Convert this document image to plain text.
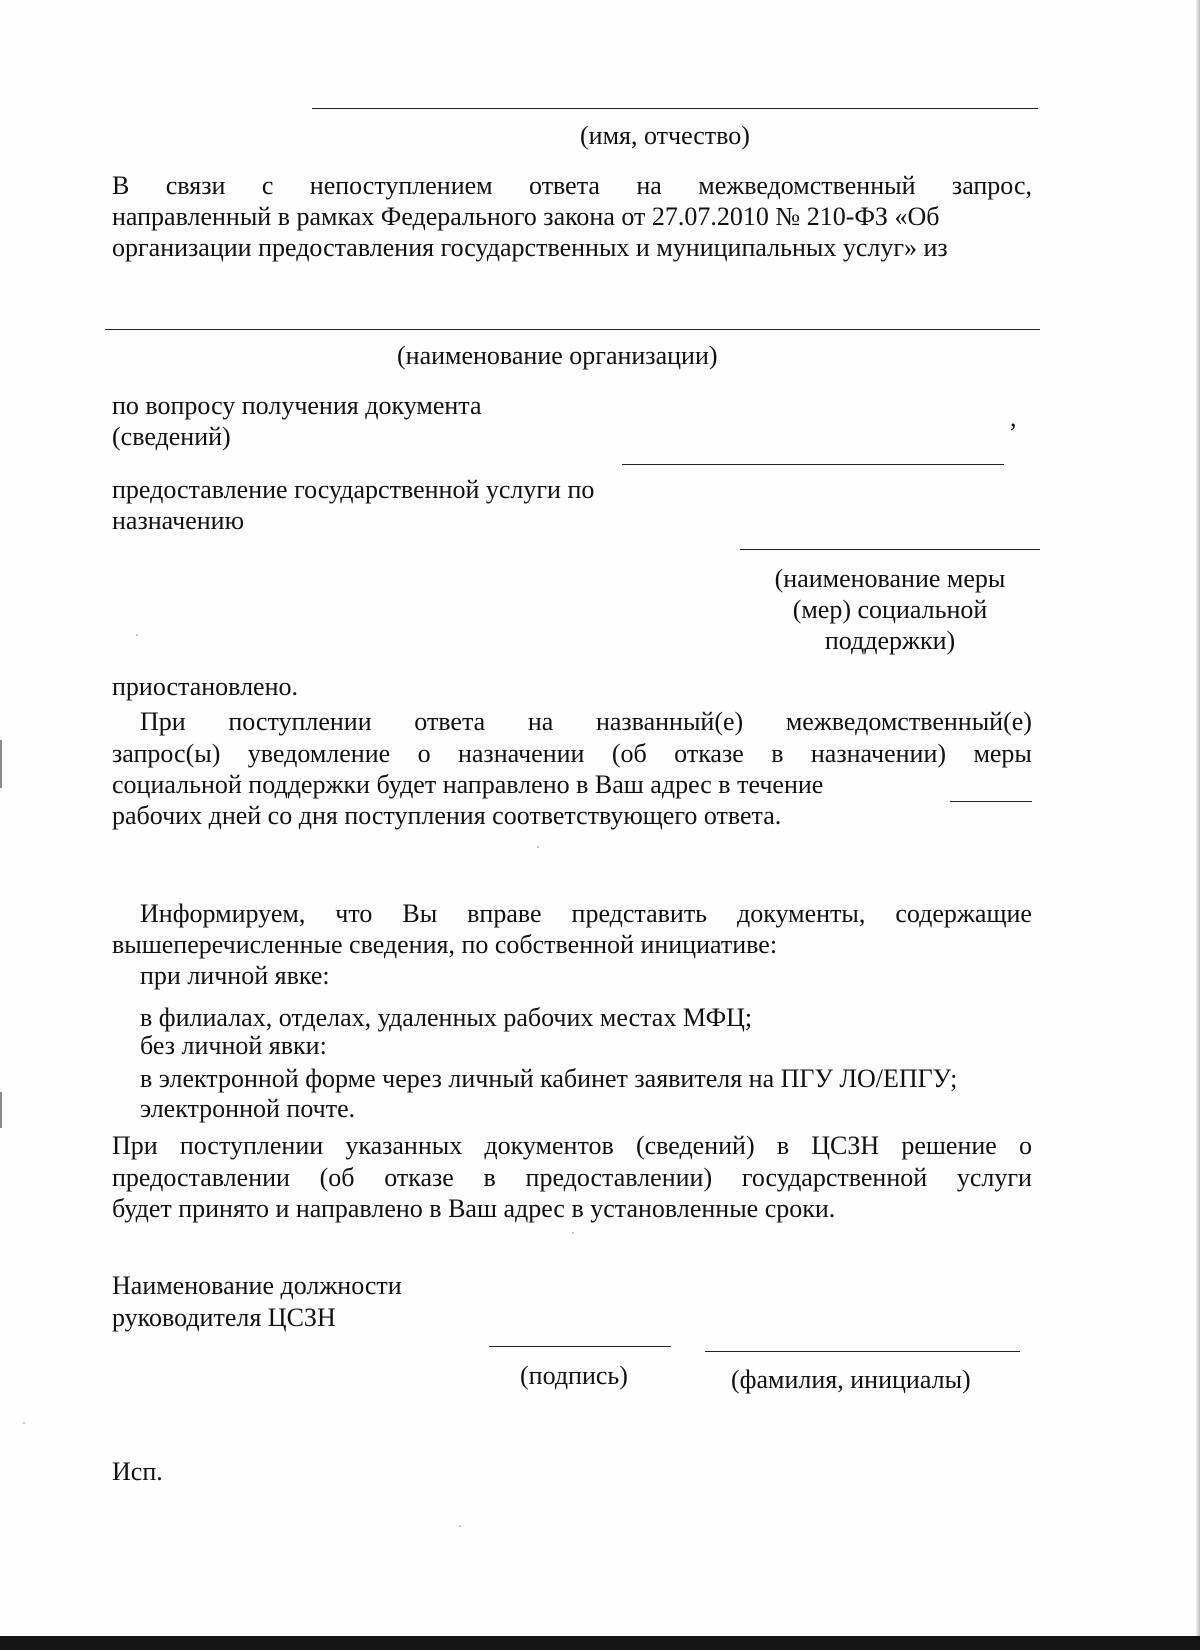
(имя, отчество)

В связи с непоступлением ответа на межведомственный запрос,

направленный в рамках Федерального закона от 27.07.2010 № 210-ФЗ «Об

организации предоставления государственных и муниципальных услуг» из

(наименование организации)

по вопросу получения документа

(сведений)

,

предоставление государственной услуги по

назначению

(наименование меры

(мер) социальной

поддержки)

приостановлено.

При поступлении ответа на названный(е) межведомственный(е)
запрос(ы) уведомление о назначении (об отказе в назначении) меры

социальной поддержки будет направлено в Ваш адрес в течение

рабочих дней со дня поступления соответствующего ответа.

Информируем, что Вы вправе представить документы, содержащие

вышеперечисленные сведения, по собственной инициативе:

при личной явке:

в филиалах, отделах, удаленных рабочих местах МФЦ;

без личной явки:

в электронной форме через личный кабинет заявителя на ПГУ ЛО/ЕПГУ;

электронной почте.

При поступлении указанных документов (сведений) в ЦСЗН решение о
предоставлении (об отказе в предоставлении) государственной услуги

будет принято и направлено в Ваш адрес в установленные сроки.

Наименование должности

руководителя ЦСЗН

(подпись)	(фамилия, инициалы)

Исп.
